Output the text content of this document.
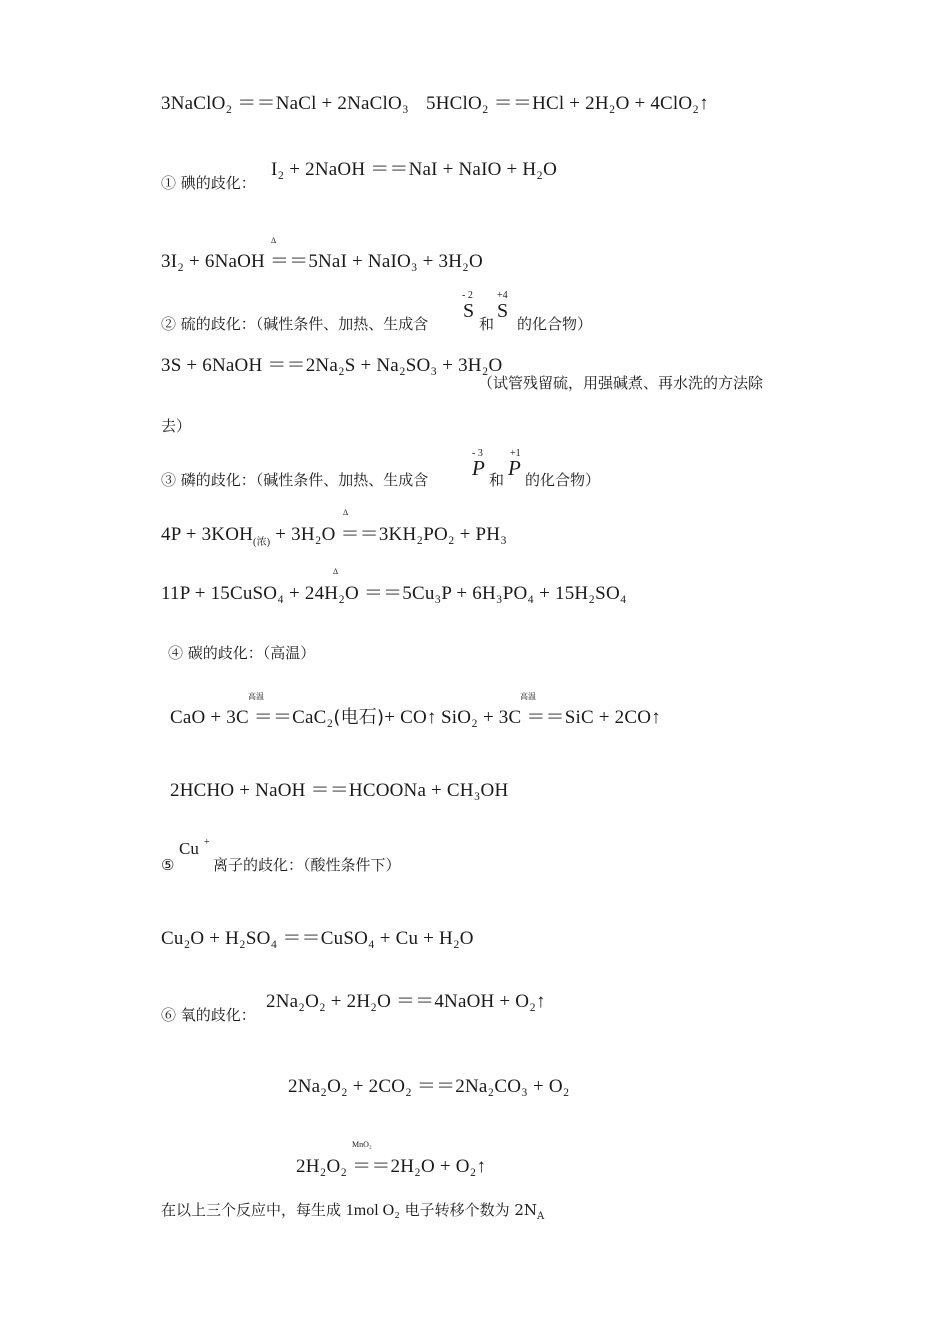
3NaClO₂ ＝＝NaCl + 2NaClO₃ 5HClO₂ ＝＝HCl + 2H₂O + 4ClO₂↑
I₂ + 2NaOH ＝＝NaI + NaIO + H₂O
① 碘的歧化：
Δ
3I₂ + 6NaOH ＝＝5NaI + NaIO₃ + 3H₂O
- 2 +4
② 硫的歧化：（碱性条件、加热、生成含
S
和
S
的化合物）
3S + 6NaOH ＝＝2Na₂S + Na₂SO₃ + 3H₂O
（试管残留硫，用强碱煮、再水洗的方法除
去）
- 3	+1
③ 磷的歧化：（碱性条件、加热、生成含 P 和 P 的化合物）
Δ
$4P + 3KOH_{(浓)} + 3H_2O ==3KH_2PO_2 + PH_3$
Δ
11P + 15CuSO₄ + 24H₂O ＝＝5Cu₃P + 6H₃PO₄ + 15H₂SO₄
④ 碳的歧化：（高温）
高温
CaO + 3C ＝＝CaC₂(电石)+ CO↑
高温
SiO₂ + 3C ＝＝SiC + 2CO↑
2HCHO + NaOH ＝＝HCOONa + CH₃OH
Cu +
⑤	离子的歧化：（酸性条件下）
Cu₂O + H₂SO₄ ＝＝CuSO₄ + Cu + H₂O
2Na₂O₂ + 2H₂O ＝＝4NaOH + O₂↑
⑥ 氧的歧化：
2Na₂O₂ + 2CO₂ ＝＝2Na₂CO₃ + O₂
MnO₂
2H₂O₂ ＝＝2H₂O + O₂↑
在以上三个反应中，每生成 1mol O₂ 电子转移个数为 $2N_A$
